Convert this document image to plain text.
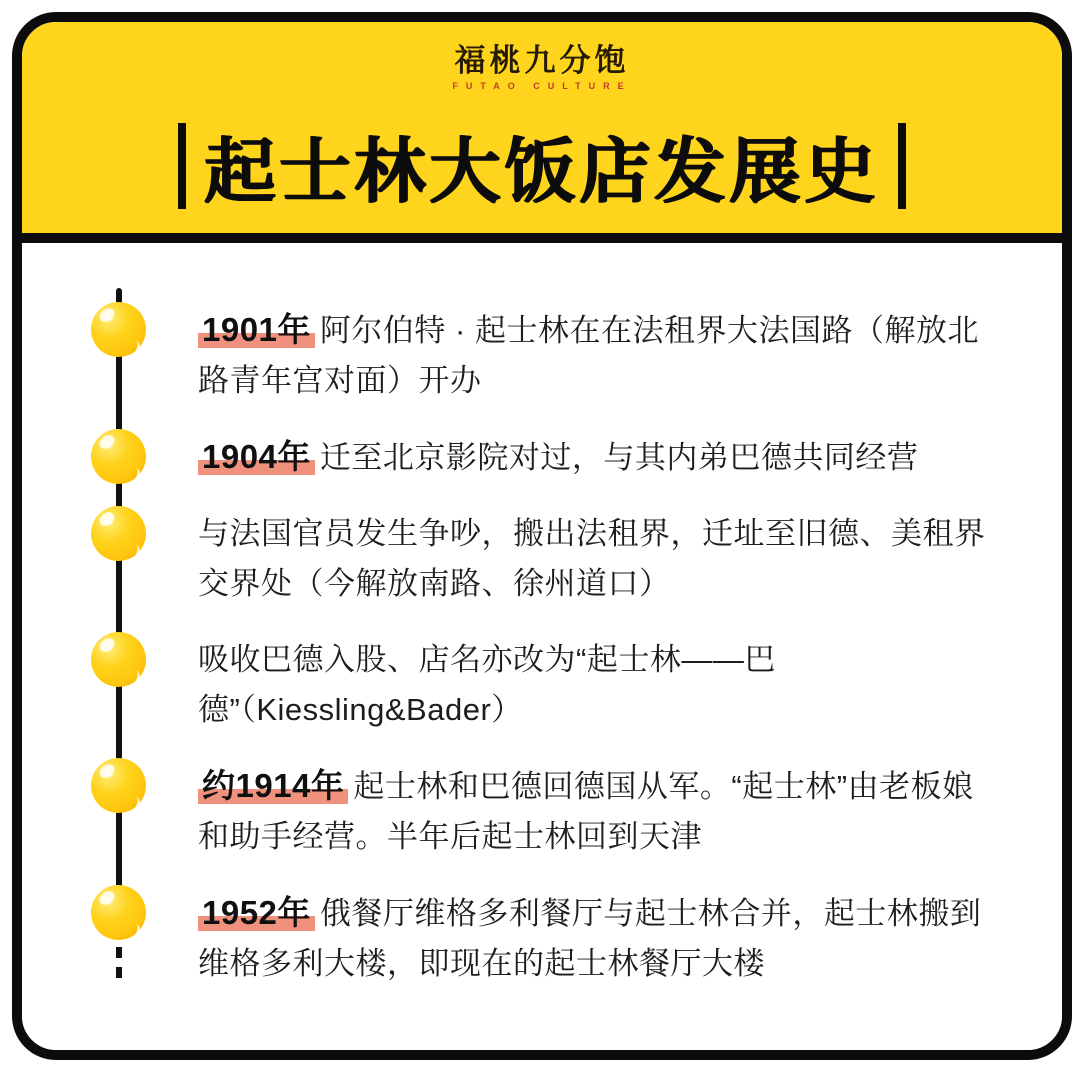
福桃九分饱
FUTAO CULTURE
起士林大饭店发展史
1901年 阿尔伯特 · 起士林在在法租界大法国路（解放北路青年宫对面）开办
1904年 迁至北京影院对过，与其内弟巴德共同经营
与法国官员发生争吵，搬出法租界，迁址至旧德、美租界交界处（今解放南路、徐州道口）
吸收巴德入股、店名亦改为“起士林——巴德”（Kiessling&Bader）
约1914年 起士林和巴德回德国从军。“起士林”由老板娘和助手经营。半年后起士林回到天津
1952年 俄餐厅维格多利餐厅与起士林合并，起士林搬到维格多利大楼，即现在的起士林餐厅大楼
